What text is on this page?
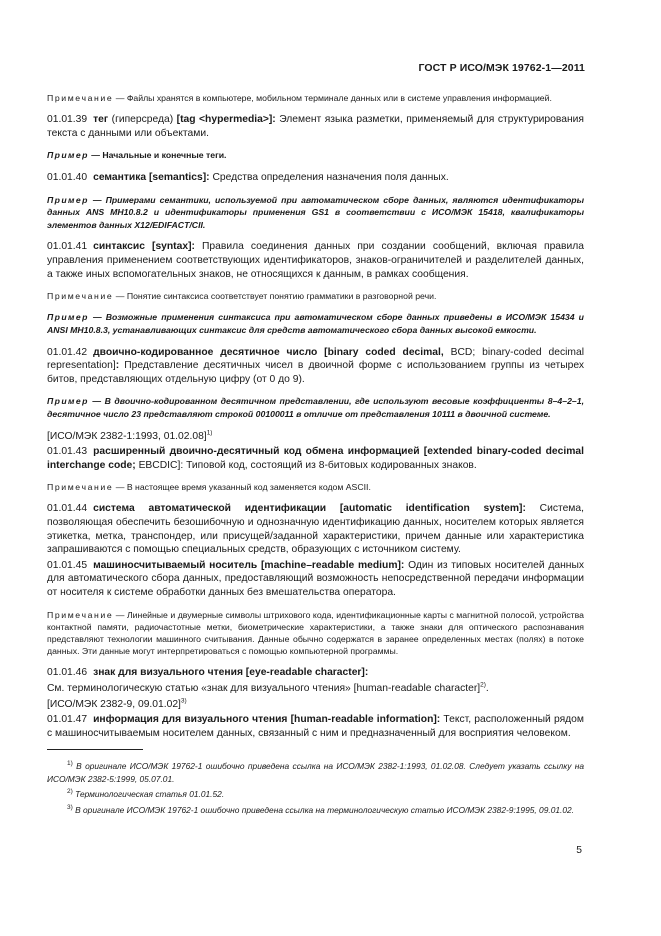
ГОСТ Р ИСО/МЭК 19762-1—2011

Примечание — Файлы хранятся в компьютере, мобильном терминале данных или в системе управления информацией.

01.01.39 тег (гиперсреда) [tag <hypermedia>]: Элемент языка разметки, применяемый для структурирования текста с данными или объектами.

Пример — Начальные и конечные теги.

01.01.40 семантика [semantics]: Средства определения назначения поля данных.

Пример — Примерами семантики, используемой при автоматическом сборе данных, являются идентификаторы данных ANS MH10.8.2 и идентификаторы применения GS1 в соответствии с ИСО/МЭК 15418, квалификаторы элементов данных X12/EDIFACT/CII.

01.01.41 синтаксис [syntax]: Правила соединения данных при создании сообщений, включая правила управления применением соответствующих идентификаторов, знаков-ограничителей и разделителей данных, а также иных вспомогательных знаков, не относящихся к данным, в рамках сообщения.

Примечание — Понятие синтаксиса соответствует понятию грамматики в разговорной речи.

Пример — Возможные применения синтаксиса при автоматическом сборе данных приведены в ИСО/МЭК 15434 и ANSI MH10.8.3, устанавливающих синтаксис для средств автоматического сбора данных высокой емкости.

01.01.42 двоично-кодированное десятичное число [binary coded decimal, BCD; binary-coded decimal representation]: Представление десятичных чисел в двоичной форме с использованием группы из четырех битов, представляющих отдельную цифру (от 0 до 9).

Пример — В двоично-кодированном десятичном представлении, где используют весовые коэффициенты 8–4–2–1, десятичное число 23 представляют строкой 00100011 в отличие от представления 10111 в двоичной системе.

[ИСО/МЭК 2382-1:1993, 01.02.08]$^{1)}$

01.01.43 расширенный двоично-десятичный код обмена информацией [extended binary-coded decimal interchange code; EBCDIC]: Типовой код, состоящий из 8-битовых кодированных знаков.

Примечание — В настоящее время указанный код заменяется кодом ASCII.

01.01.44 система автоматической идентификации [automatic identification system]: Система, позволяющая обеспечить безошибочную и однозначную идентификацию данных, носителем которых является этикетка, метка, транспондер, или присущей/заданной характеристики, причем данные или характеристика запрашиваются с помощью специальных средств, образующих с источником систему.

01.01.45 машиносчитываемый носитель [machine–readable medium]: Один из типовых носителей данных для автоматического сбора данных, предоставляющий возможность непосредственной передачи информации от носителя к системе обработки данных без вмешательства оператора.

Примечание — Линейные и двумерные символы штрихового кода, идентификационные карты с магнитной полосой, устройства контактной памяти, радиочастотные метки, биометрические характеристики, а также знаки для оптического распознавания представляют технологии машинного считывания. Данные обычно содержатся в заранее определенных местах (полях) в потоке данных. Эти данные могут интерпретироваться с помощью компьютерной программы.

01.01.46 знак для визуального чтения [eye-readable character]:

См. терминологическую статью «знак для визуального чтения» [human-readable character]$^{2)}$.

[ИСО/МЭК 2382-9, 09.01.02]$^{3)}$

01.01.47 информация для визуального чтения [human-readable information]: Текст, расположенный рядом с машиносчитываемым носителем данных, связанный с ним и предназначенный для восприятия человеком.

$^{1)}$ В оригинале ИСО/МЭК 19762-1 ошибочно приведена ссылка на ИСО/МЭК 2382-1:1993, 01.02.08. Следует указать ссылку на ИСО/МЭК 2382-5:1999, 05.07.01.

$^{2)}$ Терминологическая статья 01.01.52.

$^{3)}$ В оригинале ИСО/МЭК 19762-1 ошибочно приведена ссылка на терминологическую статью ИСО/МЭК 2382-9:1995, 09.01.02.

5
